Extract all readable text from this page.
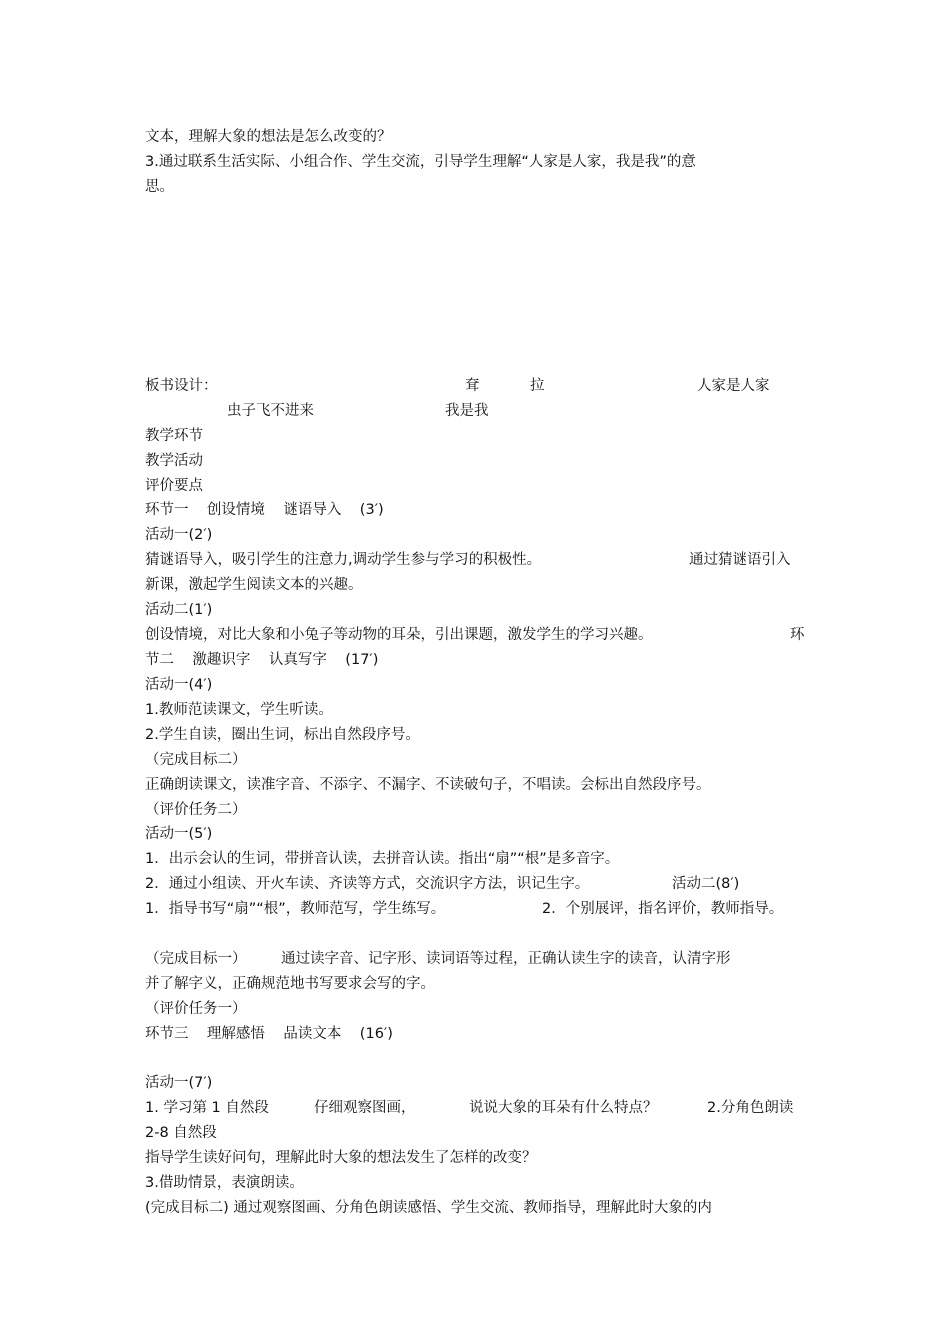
文本，理解大象的想法是怎么改变的？
3.通过联系生活实际、小组合作、学生交流，引导学生理解“人家是人家，我是我”的意
思。
板书设计：	耷	拉	人家是人家
虫子飞不进来	我是我
教学环节
教学活动
评价要点
环节一    创设情境    谜语导入    (3′)
活动一(2′)
猜谜语导入，吸引学生的注意力,调动学生参与学习的积极性。	通过猜谜语引入
新课，激起学生阅读文本的兴趣。
活动二(1′)
创设情境，对比大象和小兔子等动物的耳朵，引出课题，激发学生的学习兴趣。	环
节二    激趣识字    认真写字    (17′)
活动一(4′)
1.教师范读课文，学生听读。
2.学生自读，圈出生词，标出自然段序号。
（完成目标二）
正确朗读课文，读准字音、不添字、不漏字、不读破句子，不唱读。会标出自然段序号。
（评价任务二）
活动一(5′)
1．出示会认的生词，带拼音认读，去拼音认读。指出“扇”“根”是多音字。
2．通过小组读、开火车读、齐读等方式，交流识字方法，识记生字。	活动二(8′)
1．指导书写“扇”“根”，教师范写，学生练写。	2．个别展评，指名评价，教师指导。
（完成目标一） 通过读字音、记字形、读词语等过程，正确认读生字的读音，认清字形
并了解字义，正确规范地书写要求会写的字。
（评价任务一）
环节三    理解感悟    品读文本    (16′)
活动一(7′)
1. 学习第 1 自然段	仔细观察图画，	说说大象的耳朵有什么特点？	2.分角色朗读
2-8 自然段
指导学生读好问句，理解此时大象的想法发生了怎样的改变？
3.借助情景，表演朗读。
(完成目标二) 通过观察图画、分角色朗读感悟、学生交流、教师指导，理解此时大象的内
